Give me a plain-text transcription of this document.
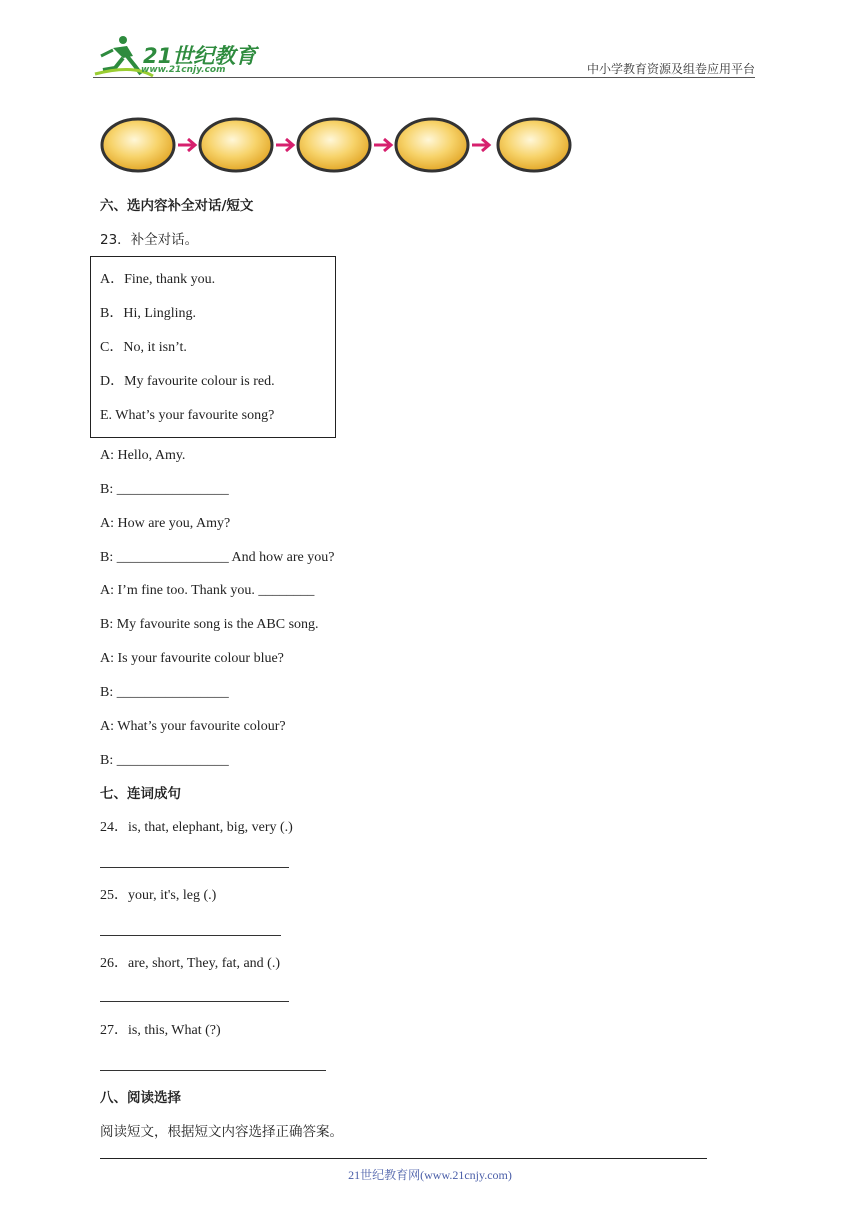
21世纪教育
www.21cnjy.com	中小学教育资源及组卷应用平台
六、选内容补全对话/短文
23．补全对话。
A．Fine, thank you.
B．Hi, Lingling.
C．No, it isn’t.
D．My favourite colour is red.
E. What’s your favourite song?
A: Hello, Amy.
B: ________________
A: How are you, Amy?
B: ________________ And how are you?
A: I’m fine too. Thank you. ________
B: My favourite song is the ABC song.
A: Is your favourite colour blue?
B: ________________
A: What’s your favourite colour?
B: ________________
七、连词成句
24．is, that, elephant, big, very (.)
25．your, it's, leg (.)
26．are, short, They, fat, and (.)
27．is, this, What (?)
八、阅读选择
阅读短文，根据短文内容选择正确答案。
21世纪教育网(www.21cnjy.com)
